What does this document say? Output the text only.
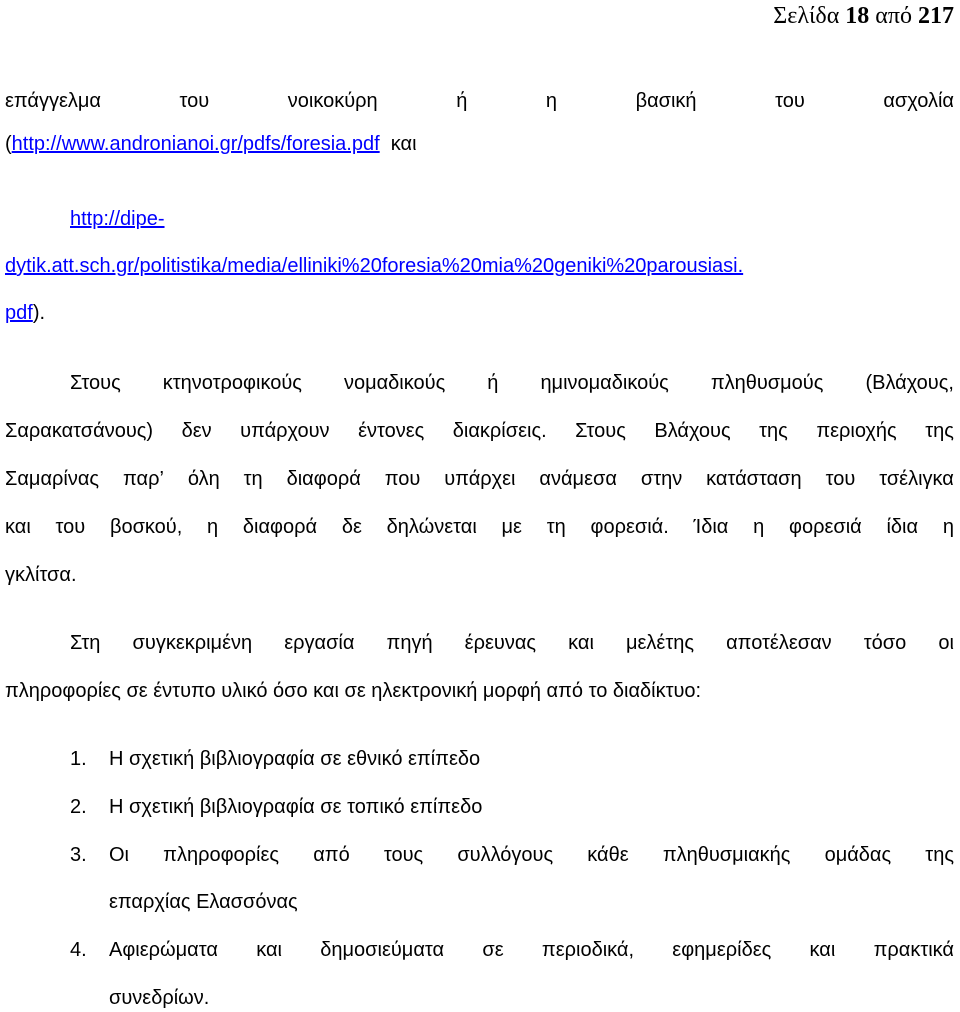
Σελίδα 18 από 217
επάγγελμα	του	νοικοκύρη	ή	η	βασική	του	ασχολία
(http://www.andronianoi.gr/pdfs/foresia.pdf και
http://dipe-
dytik.att.sch.gr/politistika/media/elliniki%20foresia%20mia%20geniki%20parousiasi.
pdf).
Στους κτηνοτροφικούς νομαδικούς ή ημινομαδικούς πληθυσμούς (Βλάχους,
Σαρακατσάνους) δεν υπάρχουν έντονες διακρίσεις. Στους Βλάχους της περιοχής της
Σαμαρίνας παρ’ όλη τη διαφορά που υπάρχει ανάμεσα στην κατάσταση του τσέλιγκα
και του βοσκού, η διαφορά δε δηλώνεται με τη φορεσιά. Ίδια η φορεσιά ίδια η
γκλίτσα.
Στη συγκεκριμένη εργασία πηγή έρευνας και μελέτης αποτέλεσαν τόσο οι
πληροφορίες σε έντυπο υλικό όσο και σε ηλεκτρονική μορφή από το διαδίκτυο:
1. Η σχετική βιβλιογραφία σε εθνικό επίπεδο
2. Η σχετική βιβλιογραφία σε τοπικό επίπεδο
3. Οι πληροφορίες από τους συλλόγους κάθε πληθυσμιακής ομάδας της
επαρχίας Ελασσόνας
4. Αφιερώματα και δημοσιεύματα σε περιοδικά, εφημερίδες και πρακτικά
συνεδρίων.
